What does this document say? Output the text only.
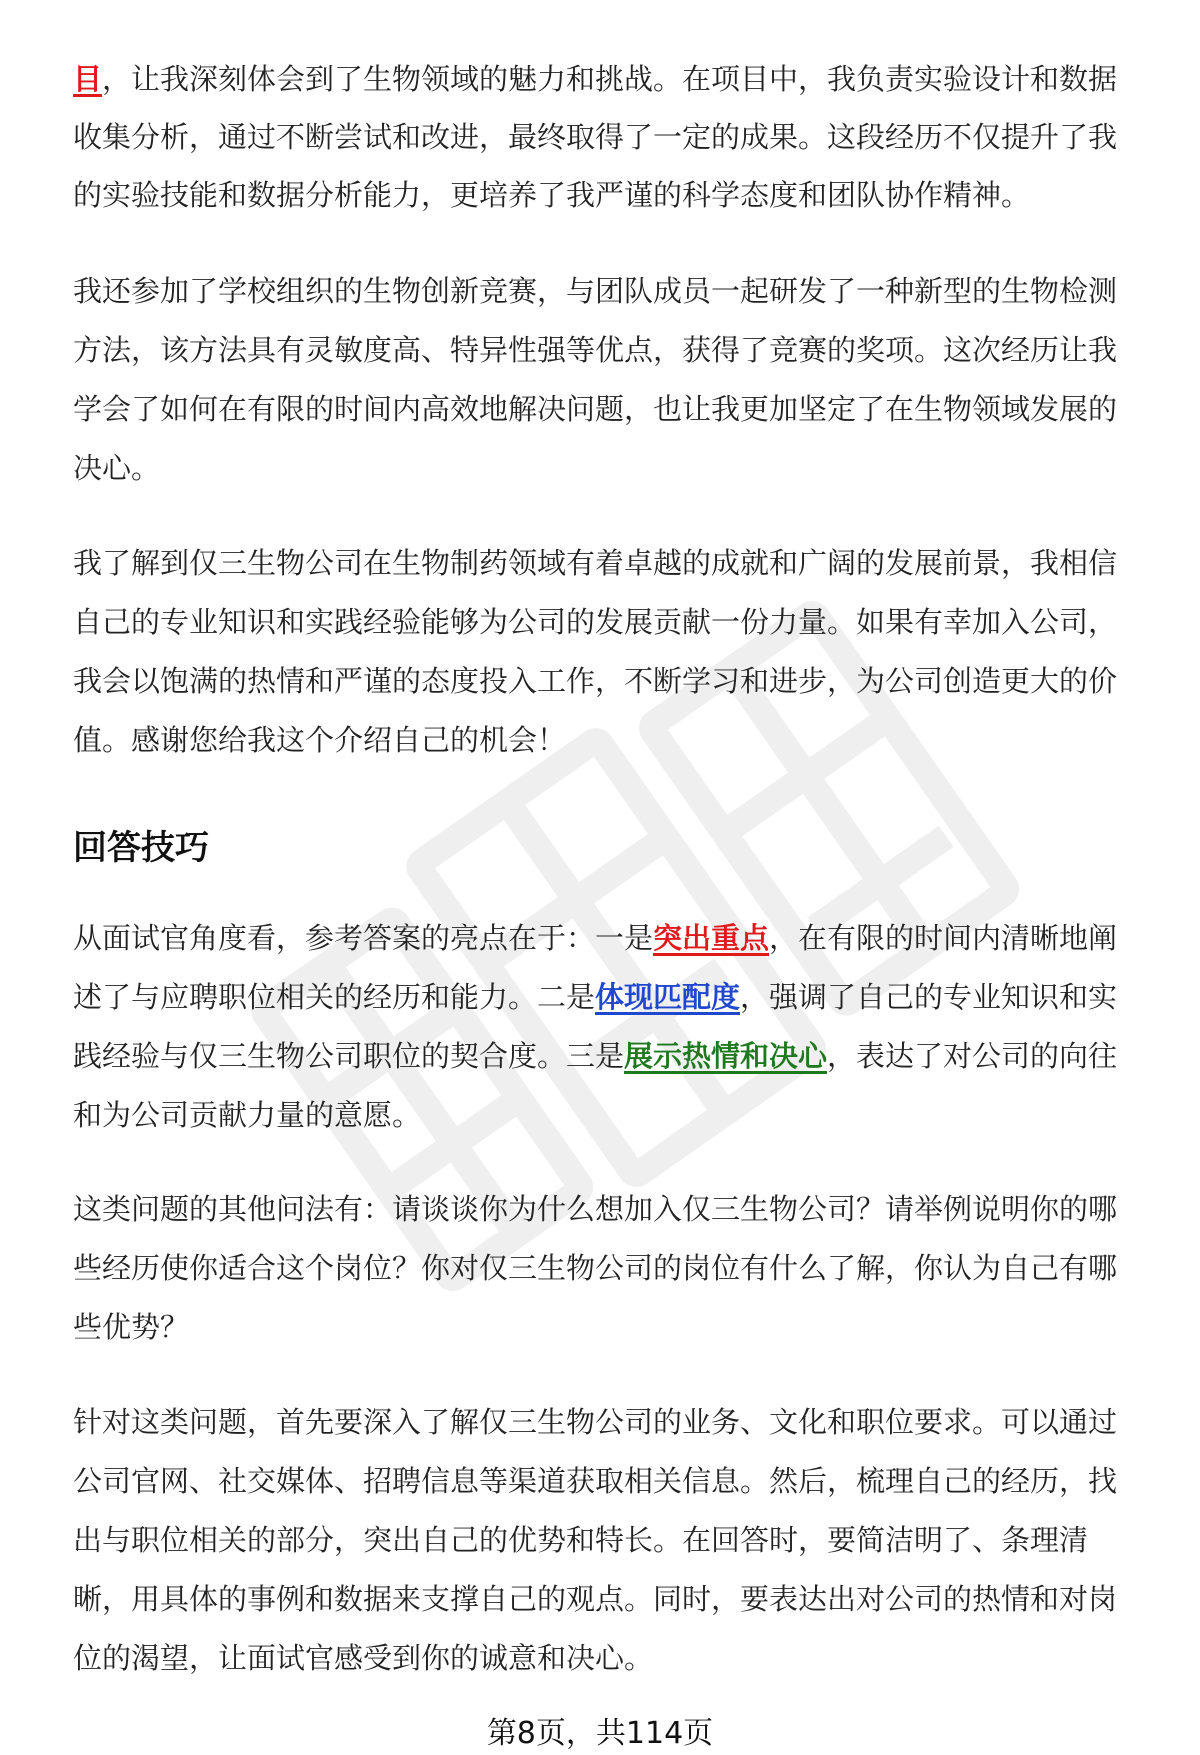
目，让我深刻体会到了生物领域的魅力和挑战。在项目中，我负责实验设计和数据
收集分析，通过不断尝试和改进，最终取得了一定的成果。这段经历不仅提升了我
的实验技能和数据分析能力，更培养了我严谨的科学态度和团队协作精神。
我还参加了学校组织的生物创新竞赛，与团队成员一起研发了一种新型的生物检测
方法，该方法具有灵敏度高、特异性强等优点，获得了竞赛的奖项。这次经历让我
学会了如何在有限的时间内高效地解决问题，也让我更加坚定了在生物领域发展的
决心。
我了解到仅三生物公司在生物制药领域有着卓越的成就和广阔的发展前景，我相信
自己的专业知识和实践经验能够为公司的发展贡献一份力量。如果有幸加入公司，
我会以饱满的热情和严谨的态度投入工作，不断学习和进步，为公司创造更大的价
值。感谢您给我这个介绍自己的机会！
回答技巧
从面试官角度看，参考答案的亮点在于：一是突出重点，在有限的时间内清晰地阐
述了与应聘职位相关的经历和能力。二是体现匹配度，强调了自己的专业知识和实
践经验与仅三生物公司职位的契合度。三是展示热情和决心，表达了对公司的向往
和为公司贡献力量的意愿。
这类问题的其他问法有：请谈谈你为什么想加入仅三生物公司？请举例说明你的哪
些经历使你适合这个岗位？你对仅三生物公司的岗位有什么了解，你认为自己有哪
些优势？
针对这类问题，首先要深入了解仅三生物公司的业务、文化和职位要求。可以通过
公司官网、社交媒体、招聘信息等渠道获取相关信息。然后，梳理自己的经历，找
出与职位相关的部分，突出自己的优势和特长。在回答时，要简洁明了、条理清
晰，用具体的事例和数据来支撑自己的观点。同时，要表达出对公司的热情和对岗
位的渴望，让面试官感受到你的诚意和决心。
第8页，共114页
